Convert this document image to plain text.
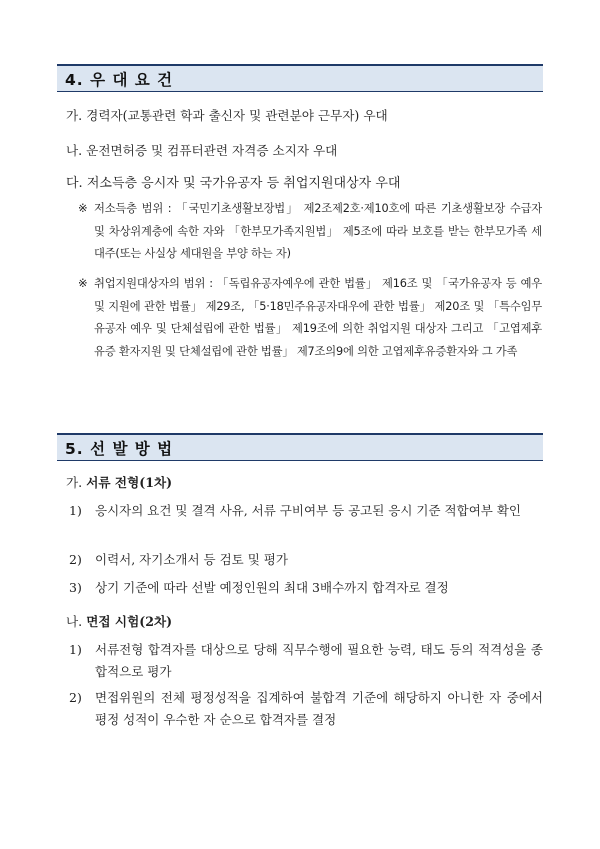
4. 우 대 요 건
가. 경력자(교통관련 학과 출신자 및 관련분야 근무자) 우대
나. 운전면허증 및 컴퓨터관련 자격증 소지자 우대
다. 저소득층 응시자 및 국가유공자 등 취업지원대상자 우대
※ 저소득층 범위 : 「국민기초생활보장법」 제2조제2호·제10호에 따른 기초생활보장 수급자 및 차상위계층에 속한 자와 「한부모가족지원법」 제5조에 따라 보호를 받는 한부모가족 세대주(또는 사실상 세대원을 부양 하는 자)
※ 취업지원대상자의 범위 : 「독립유공자예우에 관한 법률」 제16조 및 「국가유공자 등 예우 및 지원에 관한 법률」 제29조, 「5·18민주유공자대우에 관한 법률」 제20조 및 「특수임무유공자 예우 및 단체설립에 관한 법률」 제19조에 의한 취업지원 대상자 그리고 「고엽제후유증 환자지원 및 단체설립에 관한 법률」 제7조의9에 의한 고엽제후유증환자와 그 가족
5. 선 발 방 법
가. 서류 전형(1차)
1) 응시자의 요건 및 결격 사유, 서류 구비여부 등 공고된 응시 기준 적합여부 확인
2) 이력서, 자기소개서 등 검토 및 평가
3) 상기 기준에 따라 선발 예정인원의 최대 3배수까지 합격자로 결정
나. 면접 시험(2차)
1) 서류전형 합격자를 대상으로 당해 직무수행에 필요한 능력, 태도 등의 적격성을 종합적으로 평가
2) 면접위원의 전체 평정성적을 집계하여 불합격 기준에 해당하지 아니한 자 중에서 평정 성적이 우수한 자 순으로 합격자를 결정
